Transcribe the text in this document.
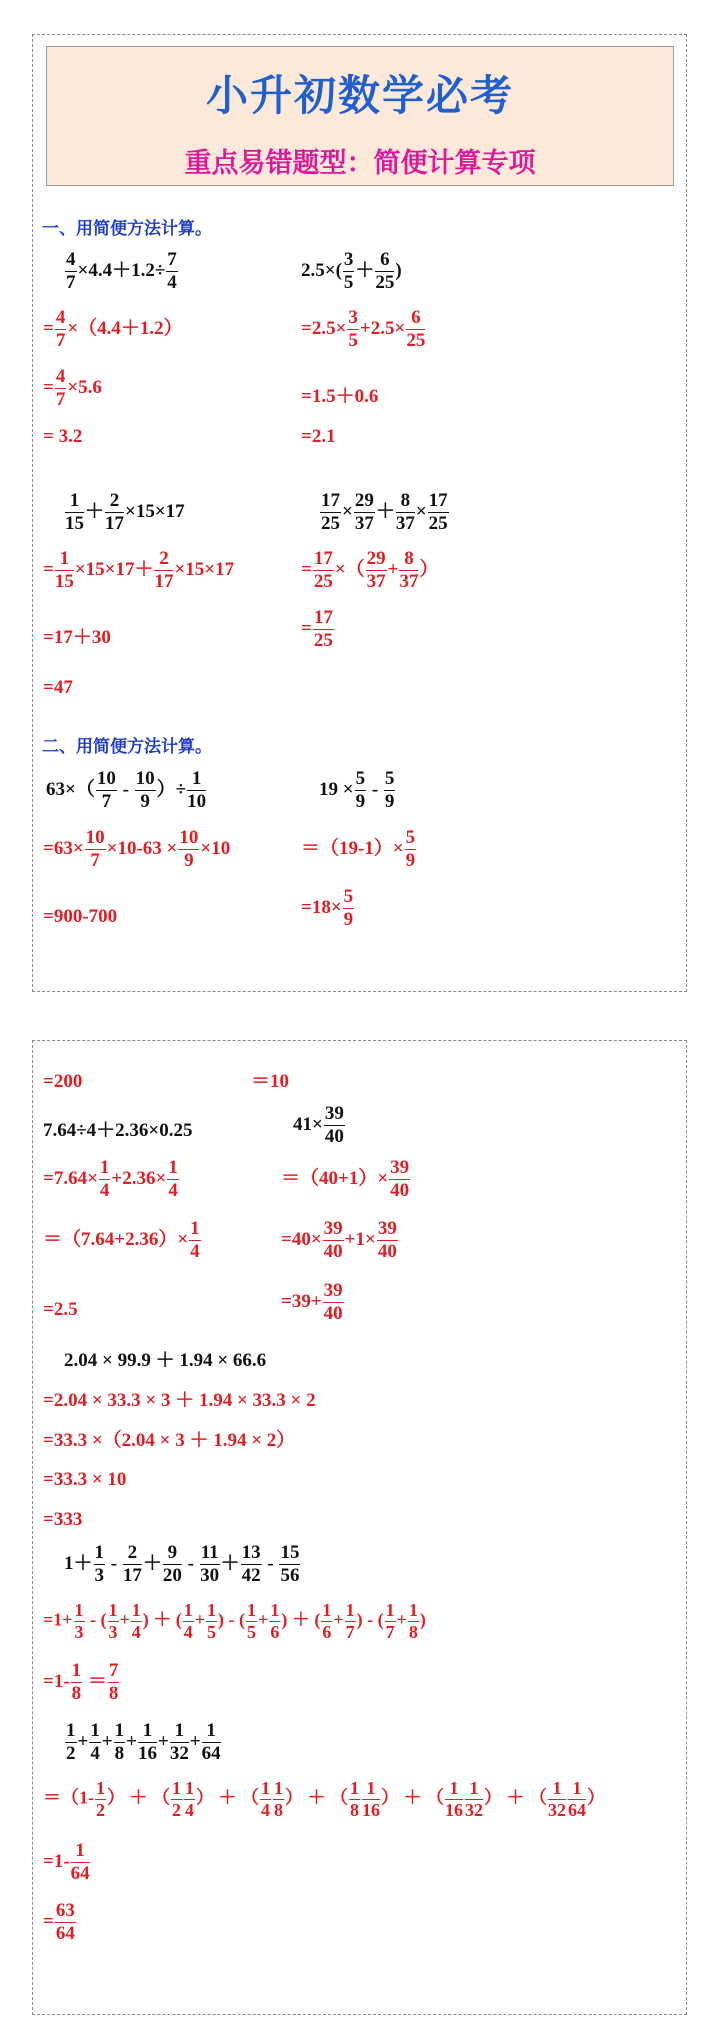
小升初数学必考
重点易错题型：简便计算专项
一、用简便方法计算。
$\frac{4}{7} \times 4.4+1.2\div \frac{7}{4}$
= $\frac{4}{7} \times(4.4+1.2)$
= $\frac{4}{7} \times 5.6$
= 3.2
$2.5\times( \frac{3}{5} + \frac{6}{25}$ )
$=2.5\times \frac{3}{5} +2.5\times \frac{6}{25}$
=1.5＋0.6
=2.1
$\frac{1}{15} + \frac{2}{17} \times 15\times 17$
= $\frac{1}{15} \times 15\times 17+ \frac{2}{17} \times 15\times 17$
=17＋30
=47
$\frac{17}{25} \times \frac{29}{37} + \frac{8}{37} \times \frac{17}{25}$
= $\frac{17}{25}$ ×（ $\frac{29}{37} + \frac{8}{37}$ ）
= $\frac{17}{25}$
二、用简便方法计算。
$63\times( \frac{10}{7} - \frac{10}{9}$ ）÷ $\frac{1}{10}$
$=63\times \frac{10}{7} \times 10-63 \times \frac{10}{9} \times 10$
=900-700
$19 \times \frac{5}{9} - \frac{5}{9}$
$=(19-1)\times \frac{5}{9}$
$=18\times \frac{5}{9}$
=200	＝10
7.64÷4＋2.36×0.25
$=7.64\times \frac{1}{4} +2.36\times \frac{1}{4}$
$=(7.64+2.36)\times \frac{1}{4}$
=2.5
$41\times \frac{39}{40}$
$=(40+1)\times \frac{39}{40}$
$=40\times \frac{39}{40} +1\times \frac{39}{40}$
$=39+ \frac{39}{40}$
2.04 × 99.9 ＋ 1.94 × 66.6
=2.04 × 33.3 × 3 ＋ 1.94 × 33.3 × 2
=33.3 ×（2.04 × 3 ＋ 1.94 × 2）
=33.3 × 10
=333
$1+ \frac{1}{3} - \frac{2}{17} + \frac{9}{20} - \frac{11}{30} + \frac{13}{42} - \frac{15}{56}$
$=1+ \frac{1}{3}$ - ( $\frac{1}{3} + \frac{1}{4}$ ) ＋ ( $\frac{1}{4} + \frac{1}{5}$ ) - ( $\frac{1}{5} + \frac{1}{6}$ ) ＋ ( $\frac{1}{6} + \frac{1}{7}$ ) - ( $\frac{1}{7} + \frac{1}{8}$ )
$=1- \frac{1}{8} = \frac{7}{8}$
$\frac{1}{2} + \frac{1}{4} + \frac{1}{8} + \frac{1}{16} + \frac{1}{32} + \frac{1}{64}$
$=(1- \frac{1}{2}$ ） ＋ （ $\frac{1}{2} \frac{1}{4}$ ） ＋ （ $\frac{1}{4} \frac{1}{8}$ ） ＋ （ $\frac{1}{8} \frac{1}{16}$ ） ＋ （ $\frac{1}{16} \frac{1}{32}$ ） ＋ （ $\frac{1}{32} \frac{1}{64}$ ）
$=1- \frac{1}{64}$
= $\frac{63}{64}$
